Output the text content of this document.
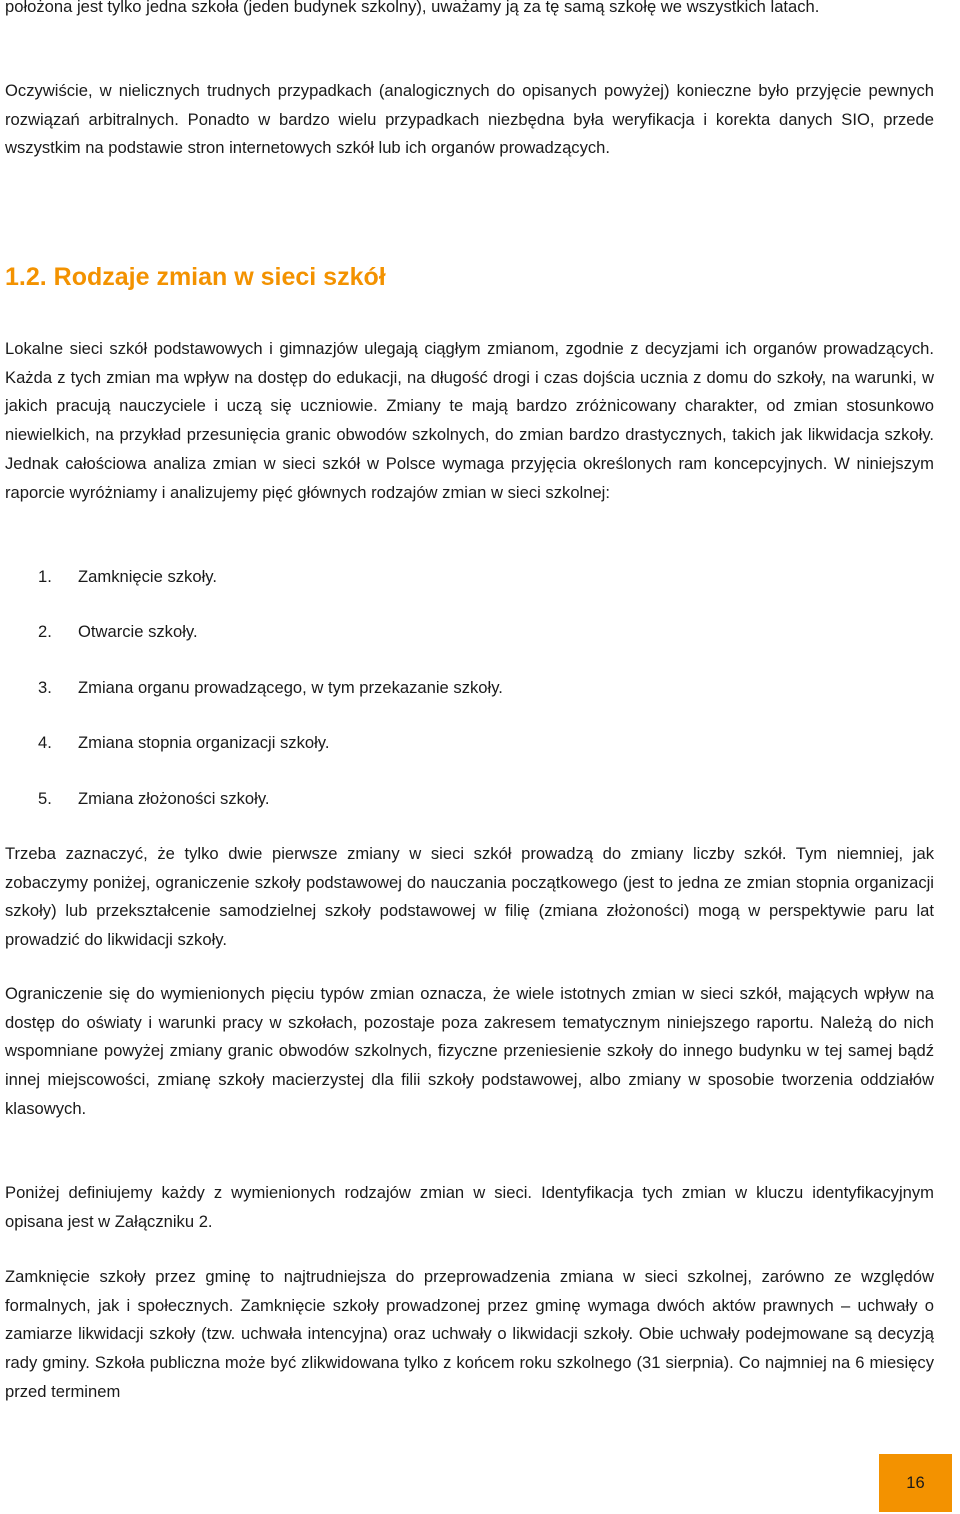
położona jest tylko jedna szkoła (jeden budynek szkolny), uważamy ją za tę samą szkołę we wszystkich latach.

Oczywiście, w nielicznych trudnych przypadkach (analogicznych do opisanych powyżej) konieczne było przyjęcie pewnych rozwiązań arbitralnych. Ponadto w bardzo wielu przypadkach niezbędna była weryfikacja i korekta danych SIO, przede wszystkim na podstawie stron internetowych szkół lub ich organów prowadzących.

1.2. Rodzaje zmian w sieci szkół

Lokalne sieci szkół podstawowych i gimnazjów ulegają ciągłym zmianom, zgodnie z decyzjami ich organów prowadzących. Każda z tych zmian ma wpływ na dostęp do edukacji, na długość drogi i czas dojścia ucznia z domu do szkoły, na warunki, w jakich pracują nauczyciele i uczą się uczniowie. Zmiany te mają bardzo zróżnicowany charakter, od zmian stosunkowo niewielkich, na przykład przesunięcia granic obwodów szkolnych, do zmian bardzo drastycznych, takich jak likwidacja szkoły. Jednak całościowa analiza zmian w sieci szkół w Polsce wymaga przyjęcia określonych ram koncepcyjnych. W niniejszym raporcie wyróżniamy i analizujemy pięć głównych rodzajów zmian w sieci szkolnej:

1. Zamknięcie szkoły.

2. Otwarcie szkoły.

3. Zmiana organu prowadzącego, w tym przekazanie szkoły.

4. Zmiana stopnia organizacji szkoły.

5. Zmiana złożoności szkoły.

Trzeba zaznaczyć, że tylko dwie pierwsze zmiany w sieci szkół prowadzą do zmiany liczby szkół. Tym niemniej, jak zobaczymy poniżej, ograniczenie szkoły podstawowej do nauczania początkowego (jest to jedna ze zmian stopnia organizacji szkoły) lub przekształcenie samodzielnej szkoły podstawowej w filię (zmiana złożoności) mogą w perspektywie paru lat prowadzić do likwidacji szkoły.

Ograniczenie się do wymienionych pięciu typów zmian oznacza, że wiele istotnych zmian w sieci szkół, mających wpływ na dostęp do oświaty i warunki pracy w szkołach, pozostaje poza zakresem tematycznym niniejszego raportu. Należą do nich wspomniane powyżej zmiany granic obwodów szkolnych, fizyczne przeniesienie szkoły do innego budynku w tej samej bądź innej miejscowości, zmianę szkoły macierzystej dla filii szkoły podstawowej, albo zmiany w sposobie tworzenia oddziałów klasowych.

Poniżej definiujemy każdy z wymienionych rodzajów zmian w sieci. Identyfikacja tych zmian w kluczu identyfikacyjnym opisana jest w Załączniku 2.

Zamknięcie szkoły przez gminę to najtrudniejsza do przeprowadzenia zmiana w sieci szkolnej, zarówno ze względów formalnych, jak i społecznych. Zamknięcie szkoły prowadzonej przez gminę wymaga dwóch aktów prawnych – uchwały o zamiarze likwidacji szkoły (tzw. uchwała intencyjna) oraz uchwały o likwidacji szkoły. Obie uchwały podejmowane są decyzją rady gminy. Szkoła publiczna może być zlikwidowana tylko z końcem roku szkolnego (31 sierpnia). Co najmniej na 6 miesięcy przed terminem

16
